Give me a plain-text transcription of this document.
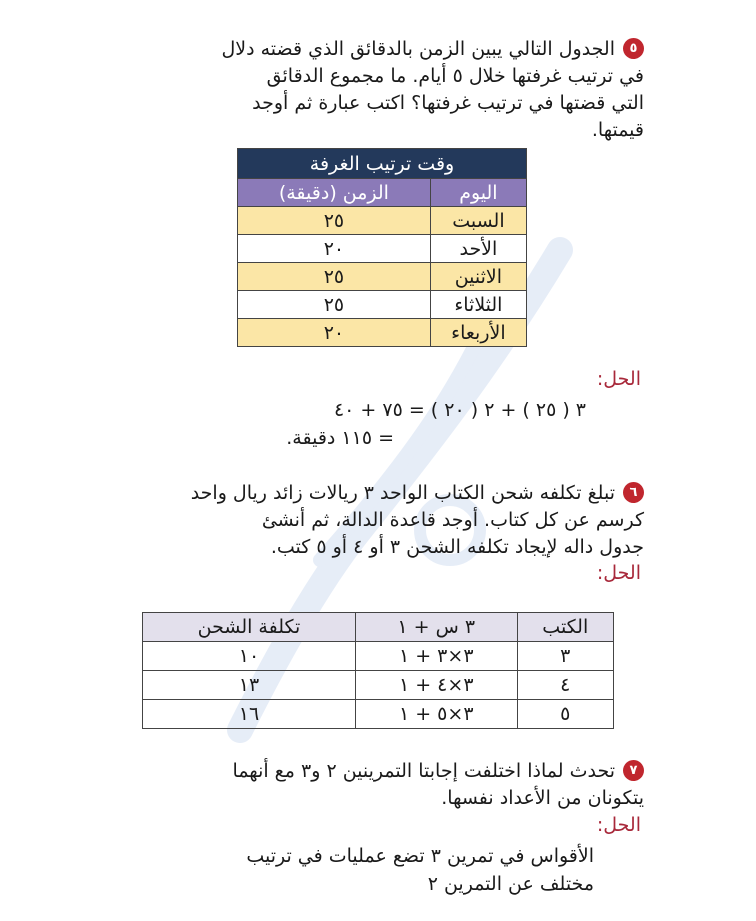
٥الجدول التالي يبين الزمن بالدقائق الذي قضته دلال
في ترتيب غرفتها خلال ٥ أيام. ما مجموع الدقائق
التي قضتها في ترتيب غرفتها؟ اكتب عبارة ثم أوجد
قيمتها.
وقت ترتيب الغرفة	
اليوم	الزمن (دقيقة)
السبت	٢٥
الأحد	٢٠
الاثنين	٢٥
الثلاثاء	٢٥
الأربعاء	٢٠
الحل:
٣ ( ٢٥ ) + ٢ ( ٢٠ ) = ٧٥ + ٤٠
= ١١٥ دقيقة.
٦تبلغ تكلفه شحن الكتاب الواحد ٣ ريالات زائد ريال واحد
كرسم عن كل كتاب. أوجد قاعدة الدالة، ثم أنشئ
جدول داله لإيجاد تكلفه الشحن ٣ أو ٤ أو ٥ كتب.
الحل:
الكتب	٣ س + ١	تكلفة الشحن
٣	٣×٣ + ١	١٠
٤	٣×٤ + ١	١٣
٥	٣×٥ + ١	١٦
٧تحدث لماذا اختلفت إجابتا التمرينين ٢ و٣ مع أنهما
يتكونان من الأعداد نفسها.
الحل:
الأقواس في تمرين ٣ تضع عمليات في ترتيب
مختلف عن التمرين ٢
